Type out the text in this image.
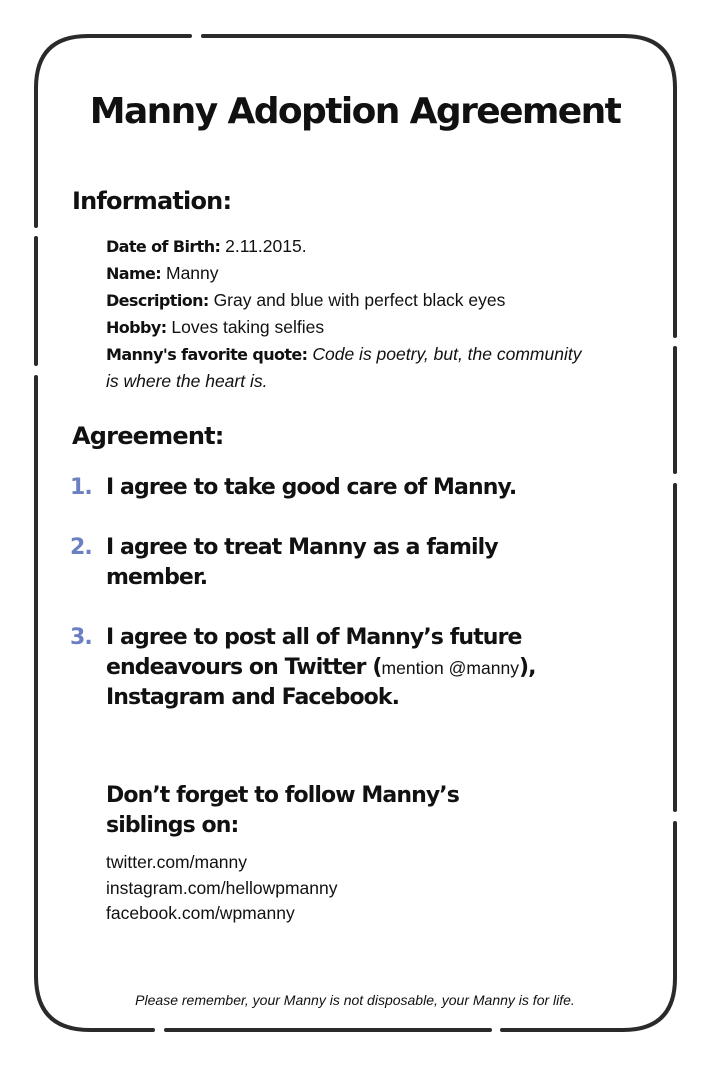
Manny Adoption Agreement
Information:
Date of Birth: 2.11.2015.
Name: Manny
Description: Gray and blue with perfect black eyes
Hobby: Loves taking selfies
Manny's favorite quote: Code is poetry, but, the community is where the heart is.
Agreement:
1. I agree to take good care of Manny.
2. I agree to treat Manny as a family member.
3. I agree to post all of Manny’s future endeavours on Twitter (mention @manny), Instagram and Facebook.
Don’t forget to follow Manny’s siblings on:
twitter.com/manny
instagram.com/hellowpmanny
facebook.com/wpmanny

Please remember, your Manny is not disposable, your Manny is for life.
